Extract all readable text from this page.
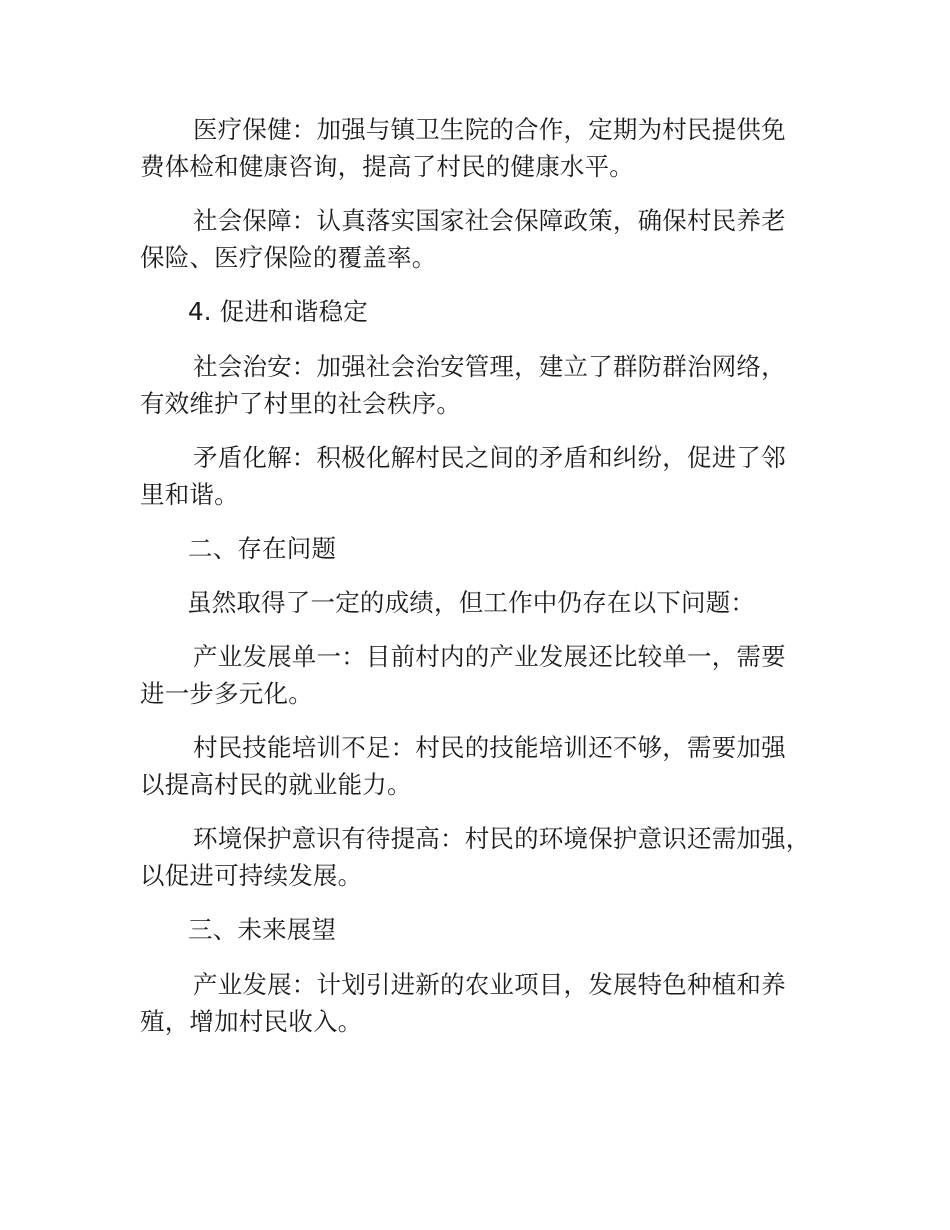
医疗保健：加强与镇卫生院的合作，定期为村民提供免
费体检和健康咨询，提高了村民的健康水平。
社会保障：认真落实国家社会保障政策，确保村民养老
保险、医疗保险的覆盖率。
4. 促进和谐稳定
社会治安：加强社会治安管理，建立了群防群治网络，
有效维护了村里的社会秩序。
矛盾化解：积极化解村民之间的矛盾和纠纷，促进了邻
里和谐。
二、存在问题
虽然取得了一定的成绩，但工作中仍存在以下问题：
产业发展单一：目前村内的产业发展还比较单一，需要
进一步多元化。
村民技能培训不足：村民的技能培训还不够，需要加强
以提高村民的就业能力。
环境保护意识有待提高：村民的环境保护意识还需加强，
以促进可持续发展。
三、未来展望
产业发展：计划引进新的农业项目，发展特色种植和养
殖，增加村民收入。
